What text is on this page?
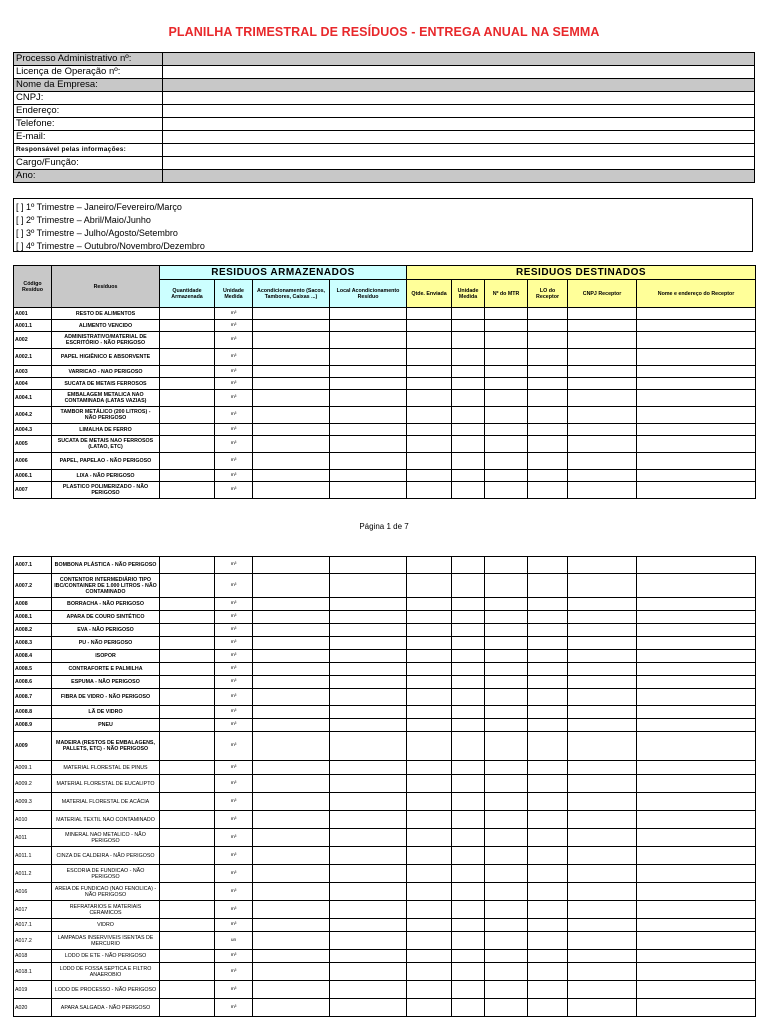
PLANILHA TRIMESTRAL DE RESÍDUOS - ENTREGA ANUAL NA SEMMA
Processo Administrativo nº:	
Licença de Operação nº:	
Nome da Empresa:	
CNPJ:	
Endereço:	
Telefone:	
E-mail:	
Responsável pelas informações:	
Cargo/Função:	
Ano:	
[ ] 1º Trimestre – Janeiro/Fevereiro/Março
[ ] 2º Trimestre – Abril/Maio/Junho
[ ] 3º Trimestre – Julho/Agosto/Setembro
[ ] 4º Trimestre – Outubro/Novembro/Dezembro
Código Resíduo	Resíduos	RESIDUOS ARMAZENADOS				RESIDUOS DESTINADOS					
		Quantidade Armazenada	Unidade Medida	Acondicionamento (Sacos, Tambores, Caixas ...)	Local Acondicionamento Resíduo	Qtde. Enviada	Unidade Medida	Nº do MTR	LO do Receptor	CNPJ Receptor	Nome e endereço do Receptor
A001	RESTO DE ALIMENTOS		m³								
A001.1	ALIMENTO VENCIDO		m³								
A002	ADMINISTRATIVO/MATERIAL DE ESCRITÓRIO - NÃO PERIGOSO		m³								
A002.1	PAPEL HIGIÊNICO E ABSORVENTE		m³								
A003	VARRICAO - NAO PERIGOSO		m³								
A004	SUCATA DE METAIS FERROSOS		m³								
A004.1	EMBALAGEM METALICA NAO CONTAMINADA (LATAS VAZIAS)		m³								
A004.2	TAMBOR METÁLICO (200 LITROS) - NÃO PERIGOSO		m³								
A004.3	LIMALHA DE FERRO		m³								
A005	SUCATA DE METAIS NAO FERROSOS (LATAO, ETC)		m³								
A006	PAPEL, PAPELAO - NÃO PERIGOSO		m³								
A006.1	LIXA - NÃO PERIGOSO		m³								
A007	PLASTICO POLIMERIZADO - NÃO PERIGOSO		m³								
Página 1 de 7
A007.1	BOMBONA PLÁSTICA - NÃO PERIGOSO		m³								
A007.2	CONTENTOR INTERMEDIÁRIO TIPO IBC/CONTAINER DE 1.000 LITROS - NÃO CONTAMINADO		m³								
A008	BORRACHA - NÃO PERIGOSO		m³								
A008.1	APARA DE COURO SINTÉTICO		m³								
A008.2	EVA - NÃO PERIGOSO		m³								
A008.3	PU - NÃO PERIGOSO		m³								
A008.4	ISOPOR		m³								
A008.5	CONTRAFORTE E PALMILHA		m³								
A008.6	ESPUMA - NÃO PERIGOSO		m³								
A008.7	FIBRA DE VIDRO - NÃO PERIGOSO		m³								
A008.8	LÃ DE VIDRO		m³								
A008.9	PNEU		m³								
A009	MADEIRA (RESTOS DE EMBALAGENS, PALLETS, ETC) - NÃO PERIGOSO		m³								
A009.1	MATERIAL FLORESTAL DE PINUS		m³								
A009.2	MATERIAL FLORESTAL DE EUCALIPTO		m³								
A009.3	MATERIAL FLORESTAL DE ACÁCIA		m³								
A010	MATERIAL TEXTIL NAO CONTAMINADO		m³								
A011	MINERAL NAO METALICO - NÃO PERIGOSO		m³								
A011.1	CINZA DE CALDEIRA - NÃO PERIGOSO		m³								
A011.2	ESCORIA DE FUNDICAO - NÃO PERIGOSO		m³								
A016	AREIA DE FUNDICAO (NAO FENOLICA) - NÃO PERIGOSO		m³								
A017	REFRATARIOS E MATERIAIS CERAMICOS		m³								
A017.1	VIDRO		m³								
A017.2	LAMPADAS INSERVIVEIS ISENTAS DE MERCURIO		un								
A018	LODO DE ETE - NÃO PERIGOSO		m³								
A018.1	LODO DE FOSSA SEPTICA E FILTRO ANAEROBIO		m³								
A019	LODO DE PROCESSO - NÃO PERIGOSO		m³								
A020	APARA SALGADA - NÃO PERIGOSO		m³								
